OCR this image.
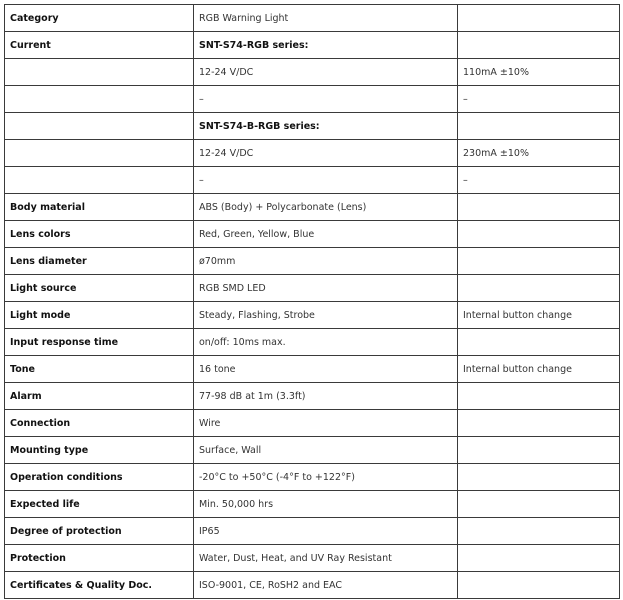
Category	RGB Warning Light	
Current	SNT-S74-RGB series:	
	12-24 V/DC	110mA ±10%
	–	–
	SNT-S74-B-RGB series:	
	12-24 V/DC	230mA ±10%
	–	–
Body material	ABS (Body) + Polycarbonate (Lens)	
Lens colors	Red, Green, Yellow, Blue	
Lens diameter	ø70mm	
Light source	RGB SMD LED	
Light mode	Steady, Flashing, Strobe	Internal button change
Input response time	on/off: 10ms max.	
Tone	16 tone	Internal button change
Alarm	77-98 dB at 1m (3.3ft)	
Connection	Wire	
Mounting type	Surface, Wall	
Operation conditions	-20°C to +50°C (-4°F to +122°F)	
Expected life	Min. 50,000 hrs	
Degree of protection	IP65	
Protection	Water, Dust, Heat, and UV Ray Resistant	
Certificates & Quality Doc.	ISO-9001, CE, RoSH2 and EAC	
